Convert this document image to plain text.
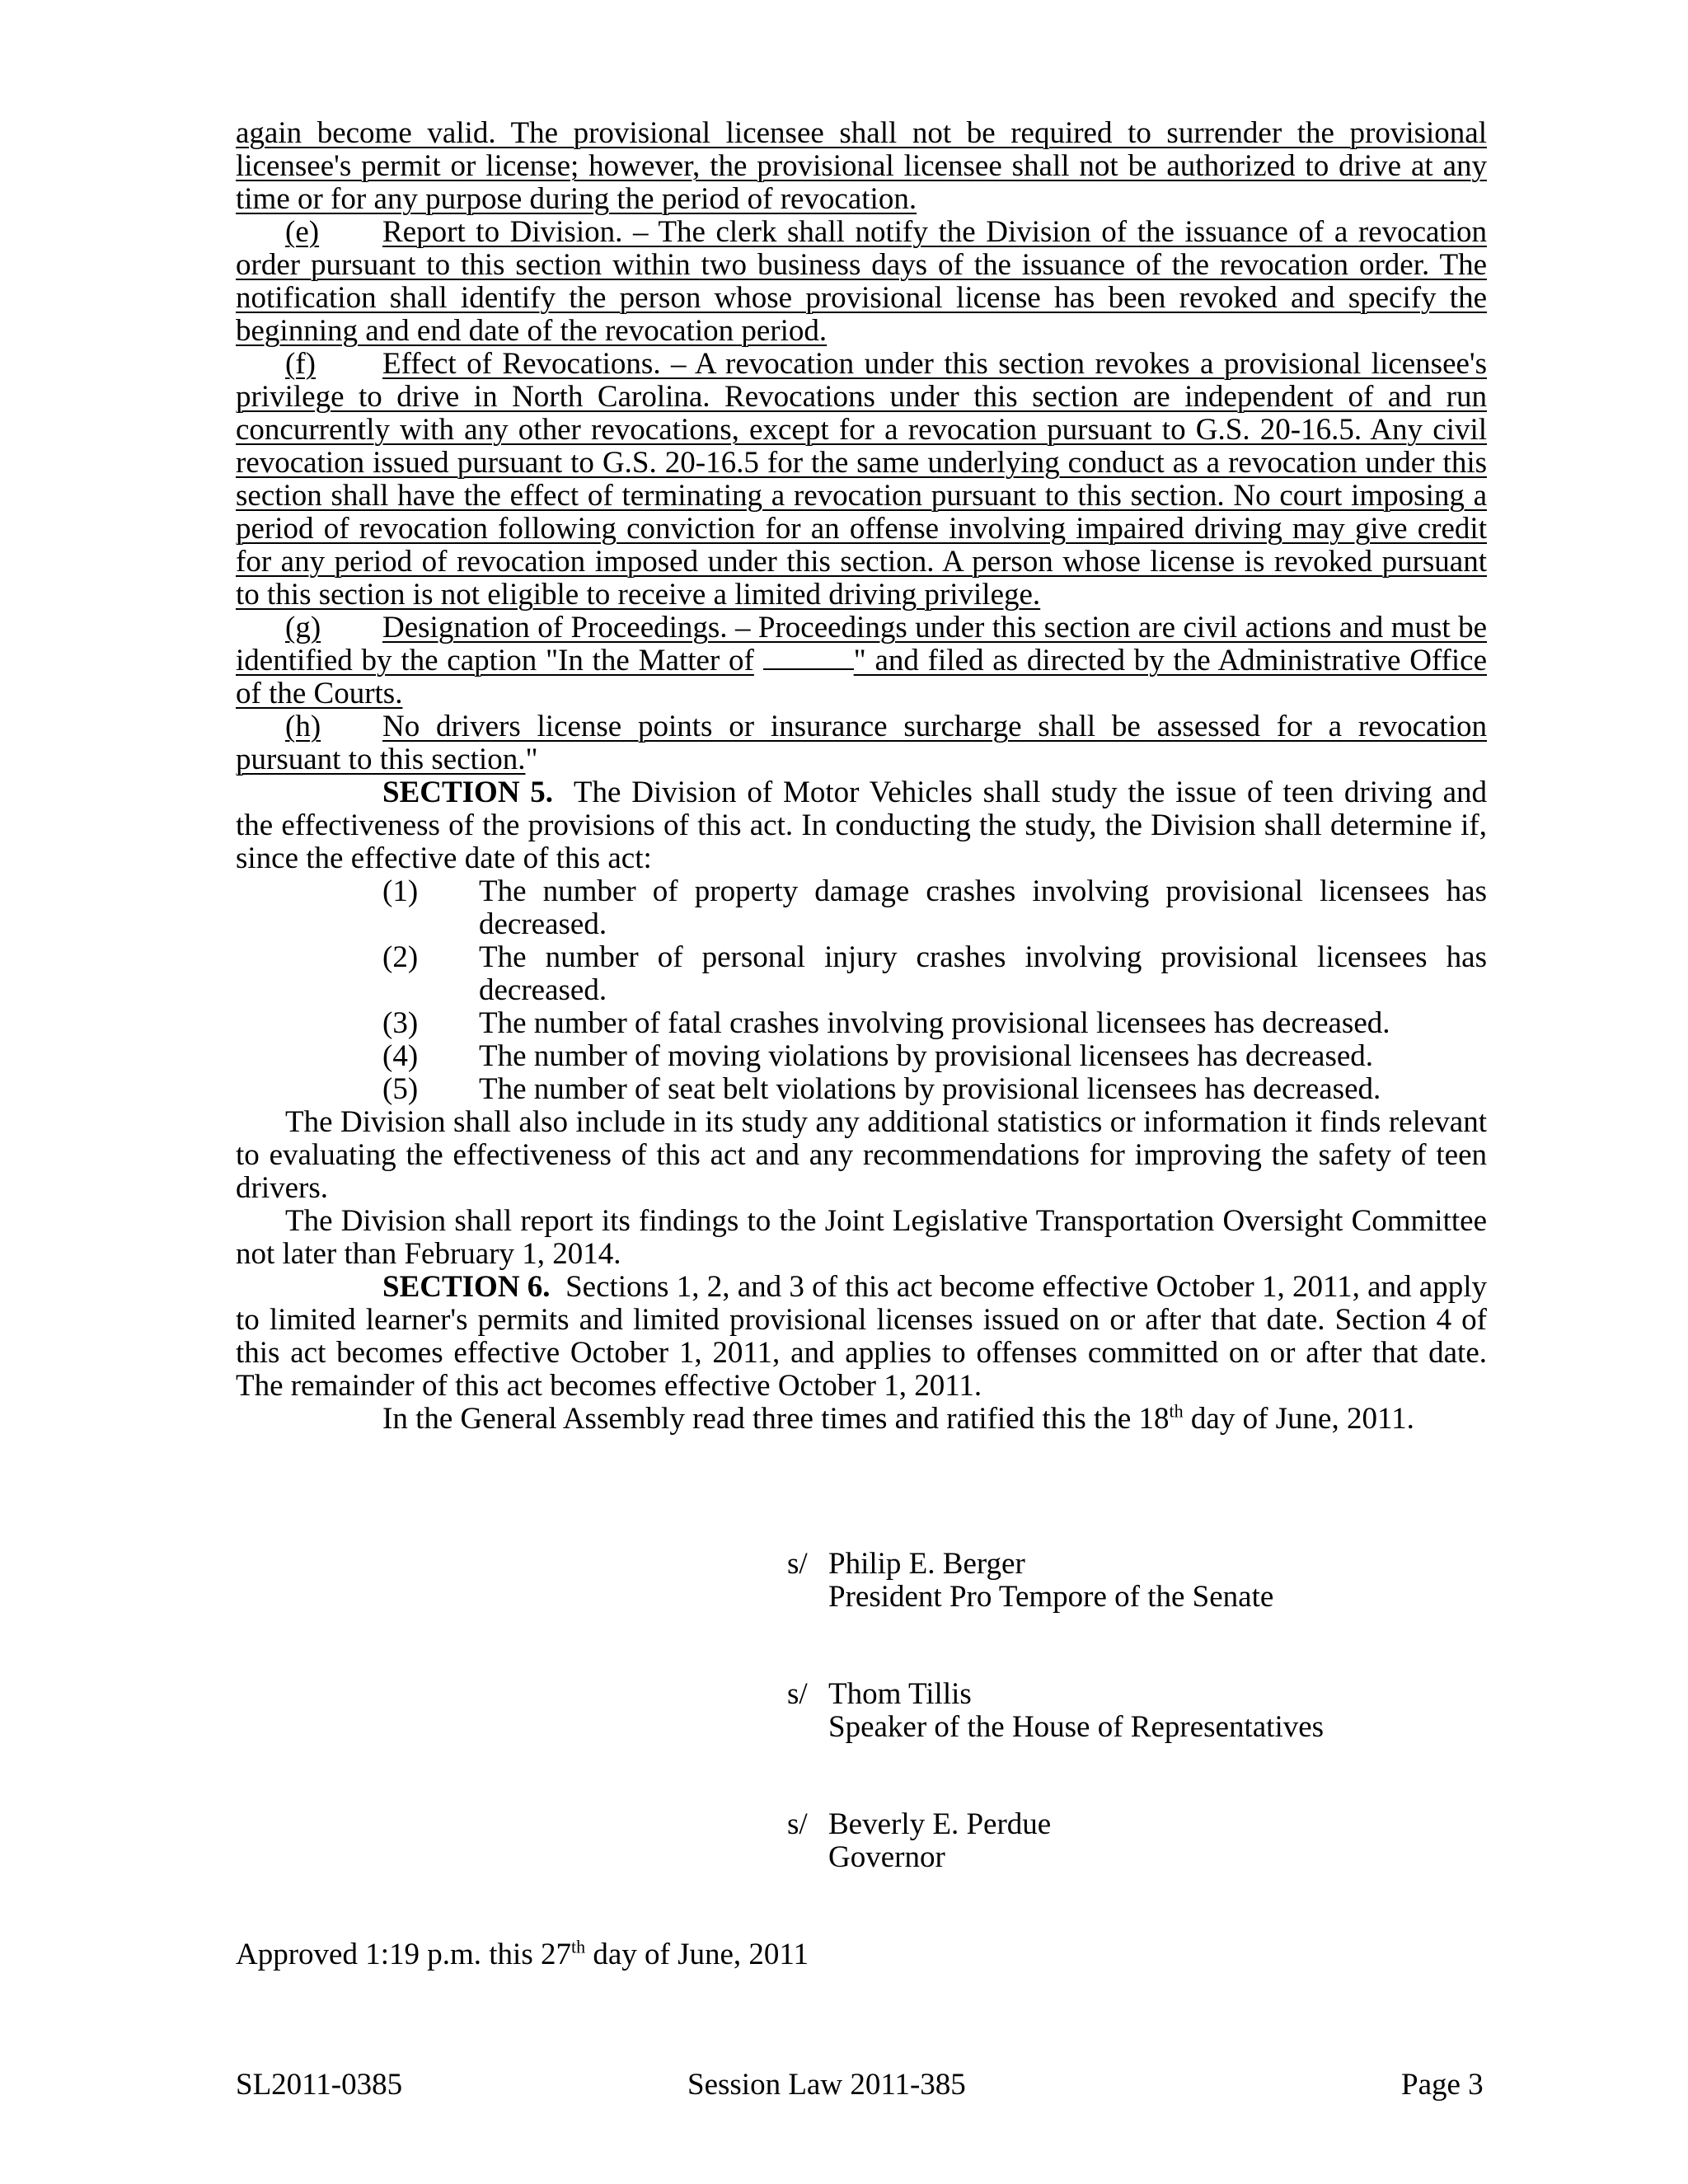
again become valid. The provisional licensee shall not be required to surrender the provisional licensee's permit or license; however, the provisional licensee shall not be authorized to drive at any time or for any purpose during the period of revocation.

(e) Report to Division. – The clerk shall notify the Division of the issuance of a revocation order pursuant to this section within two business days of the issuance of the revocation order. The notification shall identify the person whose provisional license has been revoked and specify the beginning and end date of the revocation period.

(f) Effect of Revocations. – A revocation under this section revokes a provisional licensee's privilege to drive in North Carolina. Revocations under this section are independent of and run concurrently with any other revocations, except for a revocation pursuant to G.S. 20-16.5. Any civil revocation issued pursuant to G.S. 20-16.5 for the same underlying conduct as a revocation under this section shall have the effect of terminating a revocation pursuant to this section. No court imposing a period of revocation following conviction for an offense involving impaired driving may give credit for any period of revocation imposed under this section. A person whose license is revoked pursuant to this section is not eligible to receive a limited driving privilege.

(g) Designation of Proceedings. – Proceedings under this section are civil actions and must be identified by the caption "In the Matter of	" and filed as directed by the Administrative Office of the Courts.

(h) No drivers license points or insurance surcharge shall be assessed for a revocation pursuant to this section."

SECTION 5. The Division of Motor Vehicles shall study the issue of teen driving and the effectiveness of the provisions of this act. In conducting the study, the Division shall determine if, since the effective date of this act:

(1) The number of property damage crashes involving provisional licensees has decreased.

(2) The number of personal injury crashes involving provisional licensees has decreased.

(3) The number of fatal crashes involving provisional licensees has decreased.

(4) The number of moving violations by provisional licensees has decreased.

(5) The number of seat belt violations by provisional licensees has decreased.

The Division shall also include in its study any additional statistics or information it finds relevant to evaluating the effectiveness of this act and any recommendations for improving the safety of teen drivers.

The Division shall report its findings to the Joint Legislative Transportation Oversight Committee not later than February 1, 2014.

SECTION 6. Sections 1, 2, and 3 of this act become effective October 1, 2011, and apply to limited learner's permits and limited provisional licenses issued on or after that date. Section 4 of this act becomes effective October 1, 2011, and applies to offenses committed on or after that date. The remainder of this act becomes effective October 1, 2011.

In the General Assembly read three times and ratified this the 18th day of June, 2011.

s/ Philip E. Berger

President Pro Tempore of the Senate

s/ Thom Tillis

Speaker of the House of Representatives

s/ Beverly E. Perdue

Governor

Approved 1:19 p.m. this 27th day of June, 2011
SL2011-0385	Session Law 2011-385	Page 3
